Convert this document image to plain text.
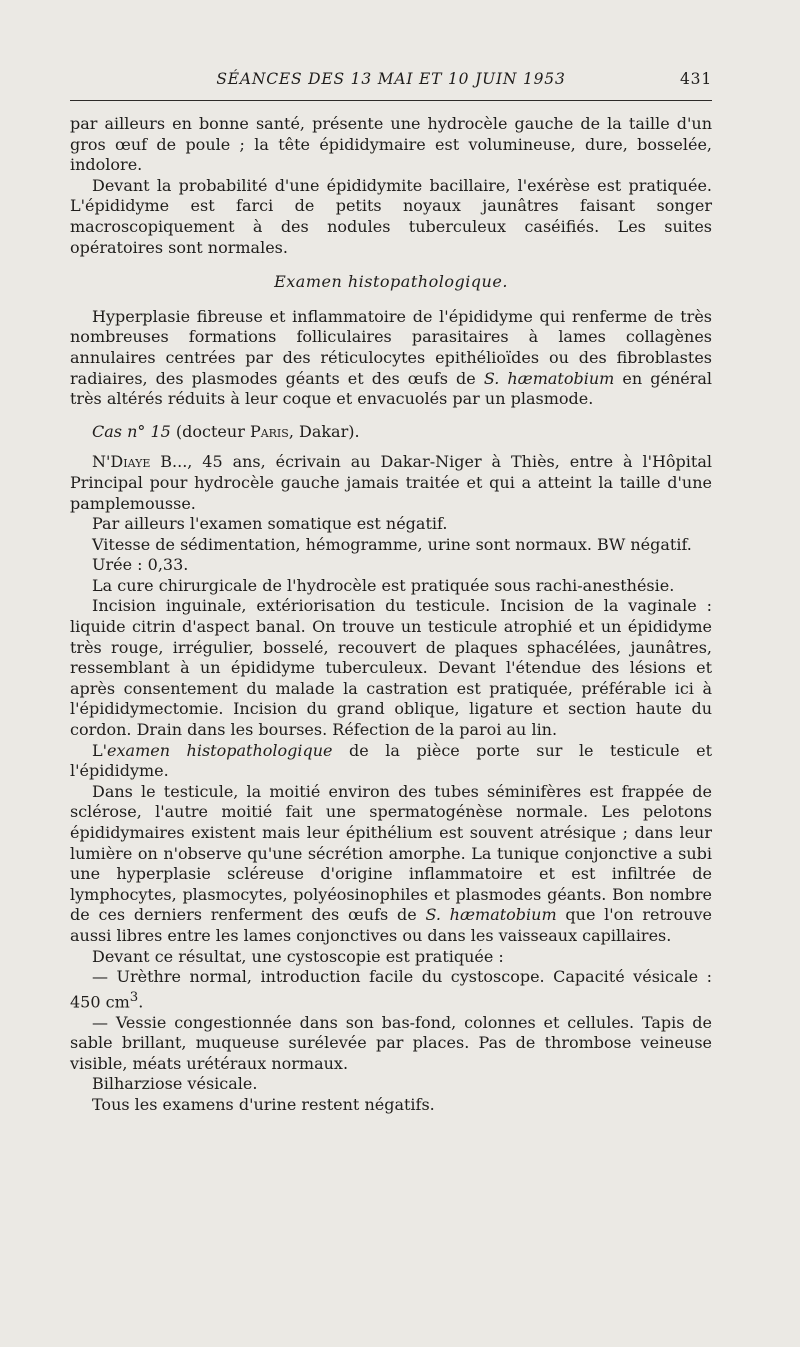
SÉANCES DES 13 MAI ET 10 JUIN 1953	431

par ailleurs en bonne santé, présente une hydrocèle gauche de la taille d'un gros œuf de poule ; la tête épididymaire est volumineuse, dure, bosselée, indolore.

Devant la probabilité d'une épididymite bacillaire, l'exérèse est pratiquée. L'épididyme est farci de petits noyaux jaunâtres faisant songer macroscopiquement à des nodules tuberculeux caséifiés. Les suites opératoires sont normales.

Examen histopathologique.

Hyperplasie fibreuse et inflammatoire de l'épididyme qui renferme de très nombreuses formations folliculaires parasitaires à lames collagènes annulaires centrées par des réticulocytes epithélioïdes ou des fibroblastes radiaires, des plasmodes géants et des œufs de S. hæmatobium en général très altérés réduits à leur coque et envacuolés par un plasmode.

Cas n° 15 (docteur Paris, Dakar).

N'Diaye B..., 45 ans, écrivain au Dakar-Niger à Thiès, entre à l'Hôpital Principal pour hydrocèle gauche jamais traitée et qui a atteint la taille d'une pamplemousse.

Par ailleurs l'examen somatique est négatif.

Vitesse de sédimentation, hémogramme, urine sont normaux. BW négatif.

Urée : 0,33.

La cure chirurgicale de l'hydrocèle est pratiquée sous rachi-anesthésie.

Incision inguinale, extériorisation du testicule. Incision de la vaginale : liquide citrin d'aspect banal. On trouve un testicule atrophié et un épididyme très rouge, irrégulier, bosselé, recouvert de plaques sphacélées, jaunâtres, ressemblant à un épididyme tuberculeux. Devant l'étendue des lésions et après consentement du malade la castration est pratiquée, préférable ici à l'épididymectomie. Incision du grand oblique, ligature et section haute du cordon. Drain dans les bourses. Réfection de la paroi au lin.

L'examen histopathologique de la pièce porte sur le testicule et l'épididyme.

Dans le testicule, la moitié environ des tubes séminifères est frappée de sclérose, l'autre moitié fait une spermatogénèse normale. Les pelotons épididymaires existent mais leur épithélium est souvent atrésique ; dans leur lumière on n'observe qu'une sécrétion amorphe. La tunique conjonctive a subi une hyperplasie scléreuse d'origine inflammatoire et est infiltrée de lymphocytes, plasmocytes, polyéosinophiles et plasmodes géants. Bon nombre de ces derniers renferment des œufs de S. hæmatobium que l'on retrouve aussi libres entre les lames conjonctives ou dans les vaisseaux capillaires.

Devant ce résultat, une cystoscopie est pratiquée :

— Urèthre normal, introduction facile du cystoscope. Capacité vésicale : 450 $cm^3$.

— Vessie congestionnée dans son bas-fond, colonnes et cellules. Tapis de sable brillant, muqueuse surélevée par places. Pas de thrombose veineuse visible, méats urétéraux normaux.

Bilharziose vésicale.

Tous les examens d'urine restent négatifs.
